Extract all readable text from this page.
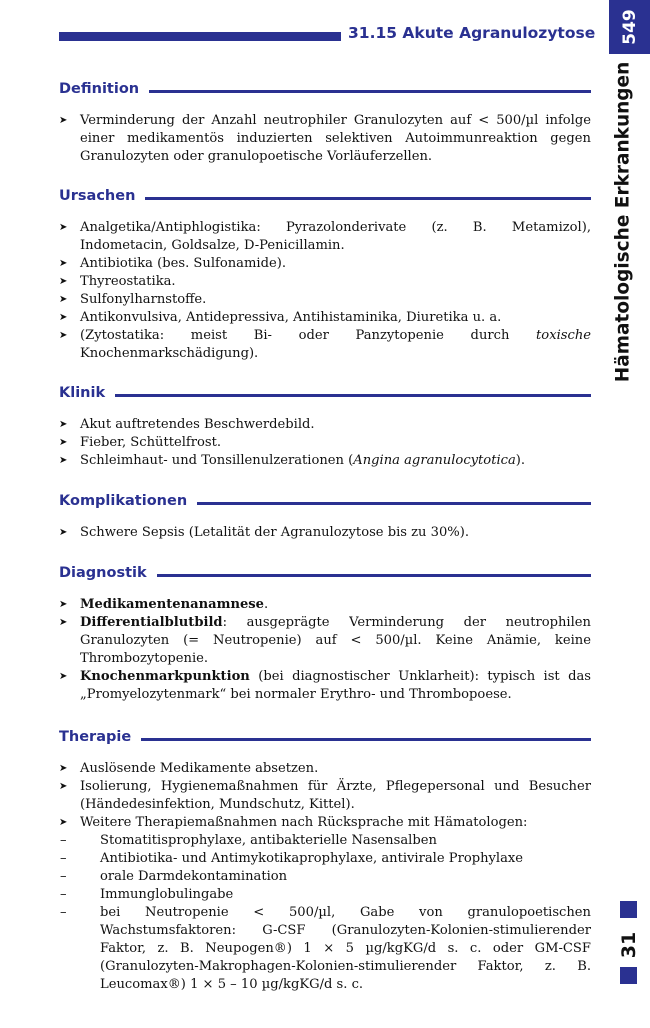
31.15 Akute Agranulozytose 549
Hämatologische Erkrankungen
31
Definition
➤ Verminderung der Anzahl neutrophiler Granulozyten auf < 500/µl infolge einer medikamentös induzierten selektiven Autoimmunreaktion gegen Granulozyten oder granulopoetische Vorläuferzellen.
Ursachen
➤ Analgetika/Antiphlogistika: Pyrazolonderivate (z. B. Metamizol), Indometacin, Goldsalze, D-Penicillamin.
➤ Antibiotika (bes. Sulfonamide).
➤ Thyreostatika.
➤ Sulfonylharnstoffe.
➤ Antikonvulsiva, Antidepressiva, Antihistaminika, Diuretika u. a.
➤ (Zytostatika: meist Bi- oder Panzytopenie durch toxische Knochenmarkschädigung).
Klinik
➤ Akut auftretendes Beschwerdebild.
➤ Fieber, Schüttelfrost.
➤ Schleimhaut- und Tonsillenulzerationen (Angina agranulocytotica).
Komplikationen
➤ Schwere Sepsis (Letalität der Agranulozytose bis zu 30%).
Diagnostik
➤ Medikamentenanamnese.
➤ Differentialblutbild: ausgeprägte Verminderung der neutrophilen Granulozyten (= Neutropenie) auf < 500/µl. Keine Anämie, keine Thrombozytopenie.
➤ Knochenmarkpunktion (bei diagnostischer Unklarheit): typisch ist das „Promyelozytenmark“ bei normaler Erythro- und Thrombopoese.
Therapie
➤ Auslösende Medikamente absetzen.
➤ Isolierung, Hygienemaßnahmen für Ärzte, Pflegepersonal und Besucher (Händedesinfektion, Mundschutz, Kittel).
➤ Weitere Therapiemaßnahmen nach Rücksprache mit Hämatologen:
–	Stomatitisprophylaxe, antibakterielle Nasensalben
–	Antibiotika- und Antimykotikaprophylaxe, antivirale Prophylaxe
–	orale Darmdekontamination
–	Immunglobulingabe
–	bei Neutropenie < 500/µl, Gabe von granulopoetischen Wachstumsfaktoren: G-CSF (Granulozyten-Kolonien-stimulierender Faktor, z. B. Neupogen®) 1 × 5 µg/kgKG/d s. c. oder GM-CSF (Granulozyten-Makrophagen-Kolonien-stimulierender Faktor, z. B. Leucomax®) 1 × 5 – 10 µg/kgKG/d s. c.
